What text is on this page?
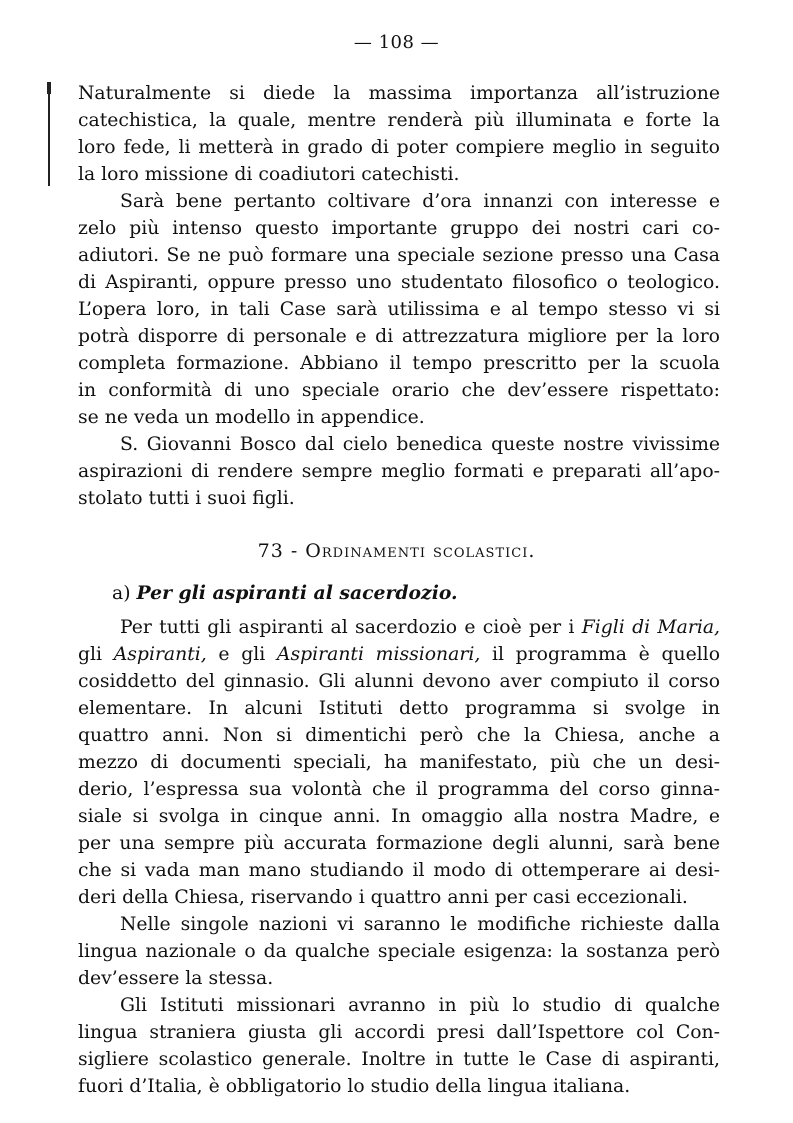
— 108 —

Naturalmente si diede la massima importanza all’istruzione
catechistica, la quale, mentre renderà più illuminata e forte la
loro fede, li metterà in grado di poter compiere meglio in seguito
la loro missione di coadiutori catechisti.

Sarà bene pertanto coltivare d’ora innanzi con interesse e
zelo più intenso questo importante gruppo dei nostri cari co-
adiutori. Se ne può formare una speciale sezione presso una Casa
di Aspiranti, oppure presso uno studentato filosofico o teologico.
L’opera loro, in tali Case sarà utilissima e al tempo stesso vi si
potrà disporre di personale e di attrezzatura migliore per la loro
completa formazione. Abbiano il tempo prescritto per la scuola
in conformità di uno speciale orario che dev’essere rispettato:
se ne veda un modello in appendice.

S. Giovanni Bosco dal cielo benedica queste nostre vivissime
aspirazioni di rendere sempre meglio formati e preparati all’apo-
stolato tutti i suoi figli.

73 - Ordinamenti scolastici.
a) Per gli aspiranti al sacerdozio.

Per tutti gli aspiranti al sacerdozio e cioè per i Figli di Maria,
gli Aspiranti, e gli Aspiranti missionari, il programma è quello
cosiddetto del ginnasio. Gli alunni devono aver compiuto il corso
elementare. In alcuni Istituti detto programma si svolge in
quattro anni. Non si dimentichi però che la Chiesa, anche a
mezzo di documenti speciali, ha manifestato, più che un desi-
derio, l’espressa sua volontà che il programma del corso ginna-
siale si svolga in cinque anni. In omaggio alla nostra Madre, e
per una sempre più accurata formazione degli alunni, sarà bene
che si vada man mano studiando il modo di ottemperare ai desi-
deri della Chiesa, riservando i quattro anni per casi eccezionali.

Nelle singole nazioni vi saranno le modifiche richieste dalla
lingua nazionale o da qualche speciale esigenza: la sostanza però
dev’essere la stessa.

Gli Istituti missionari avranno in più lo studio di qualche
lingua straniera giusta gli accordi presi dall’Ispettore col Con-
sigliere scolastico generale. Inoltre in tutte le Case di aspiranti,
fuori d’Italia, è obbligatorio lo studio della lingua italiana.
